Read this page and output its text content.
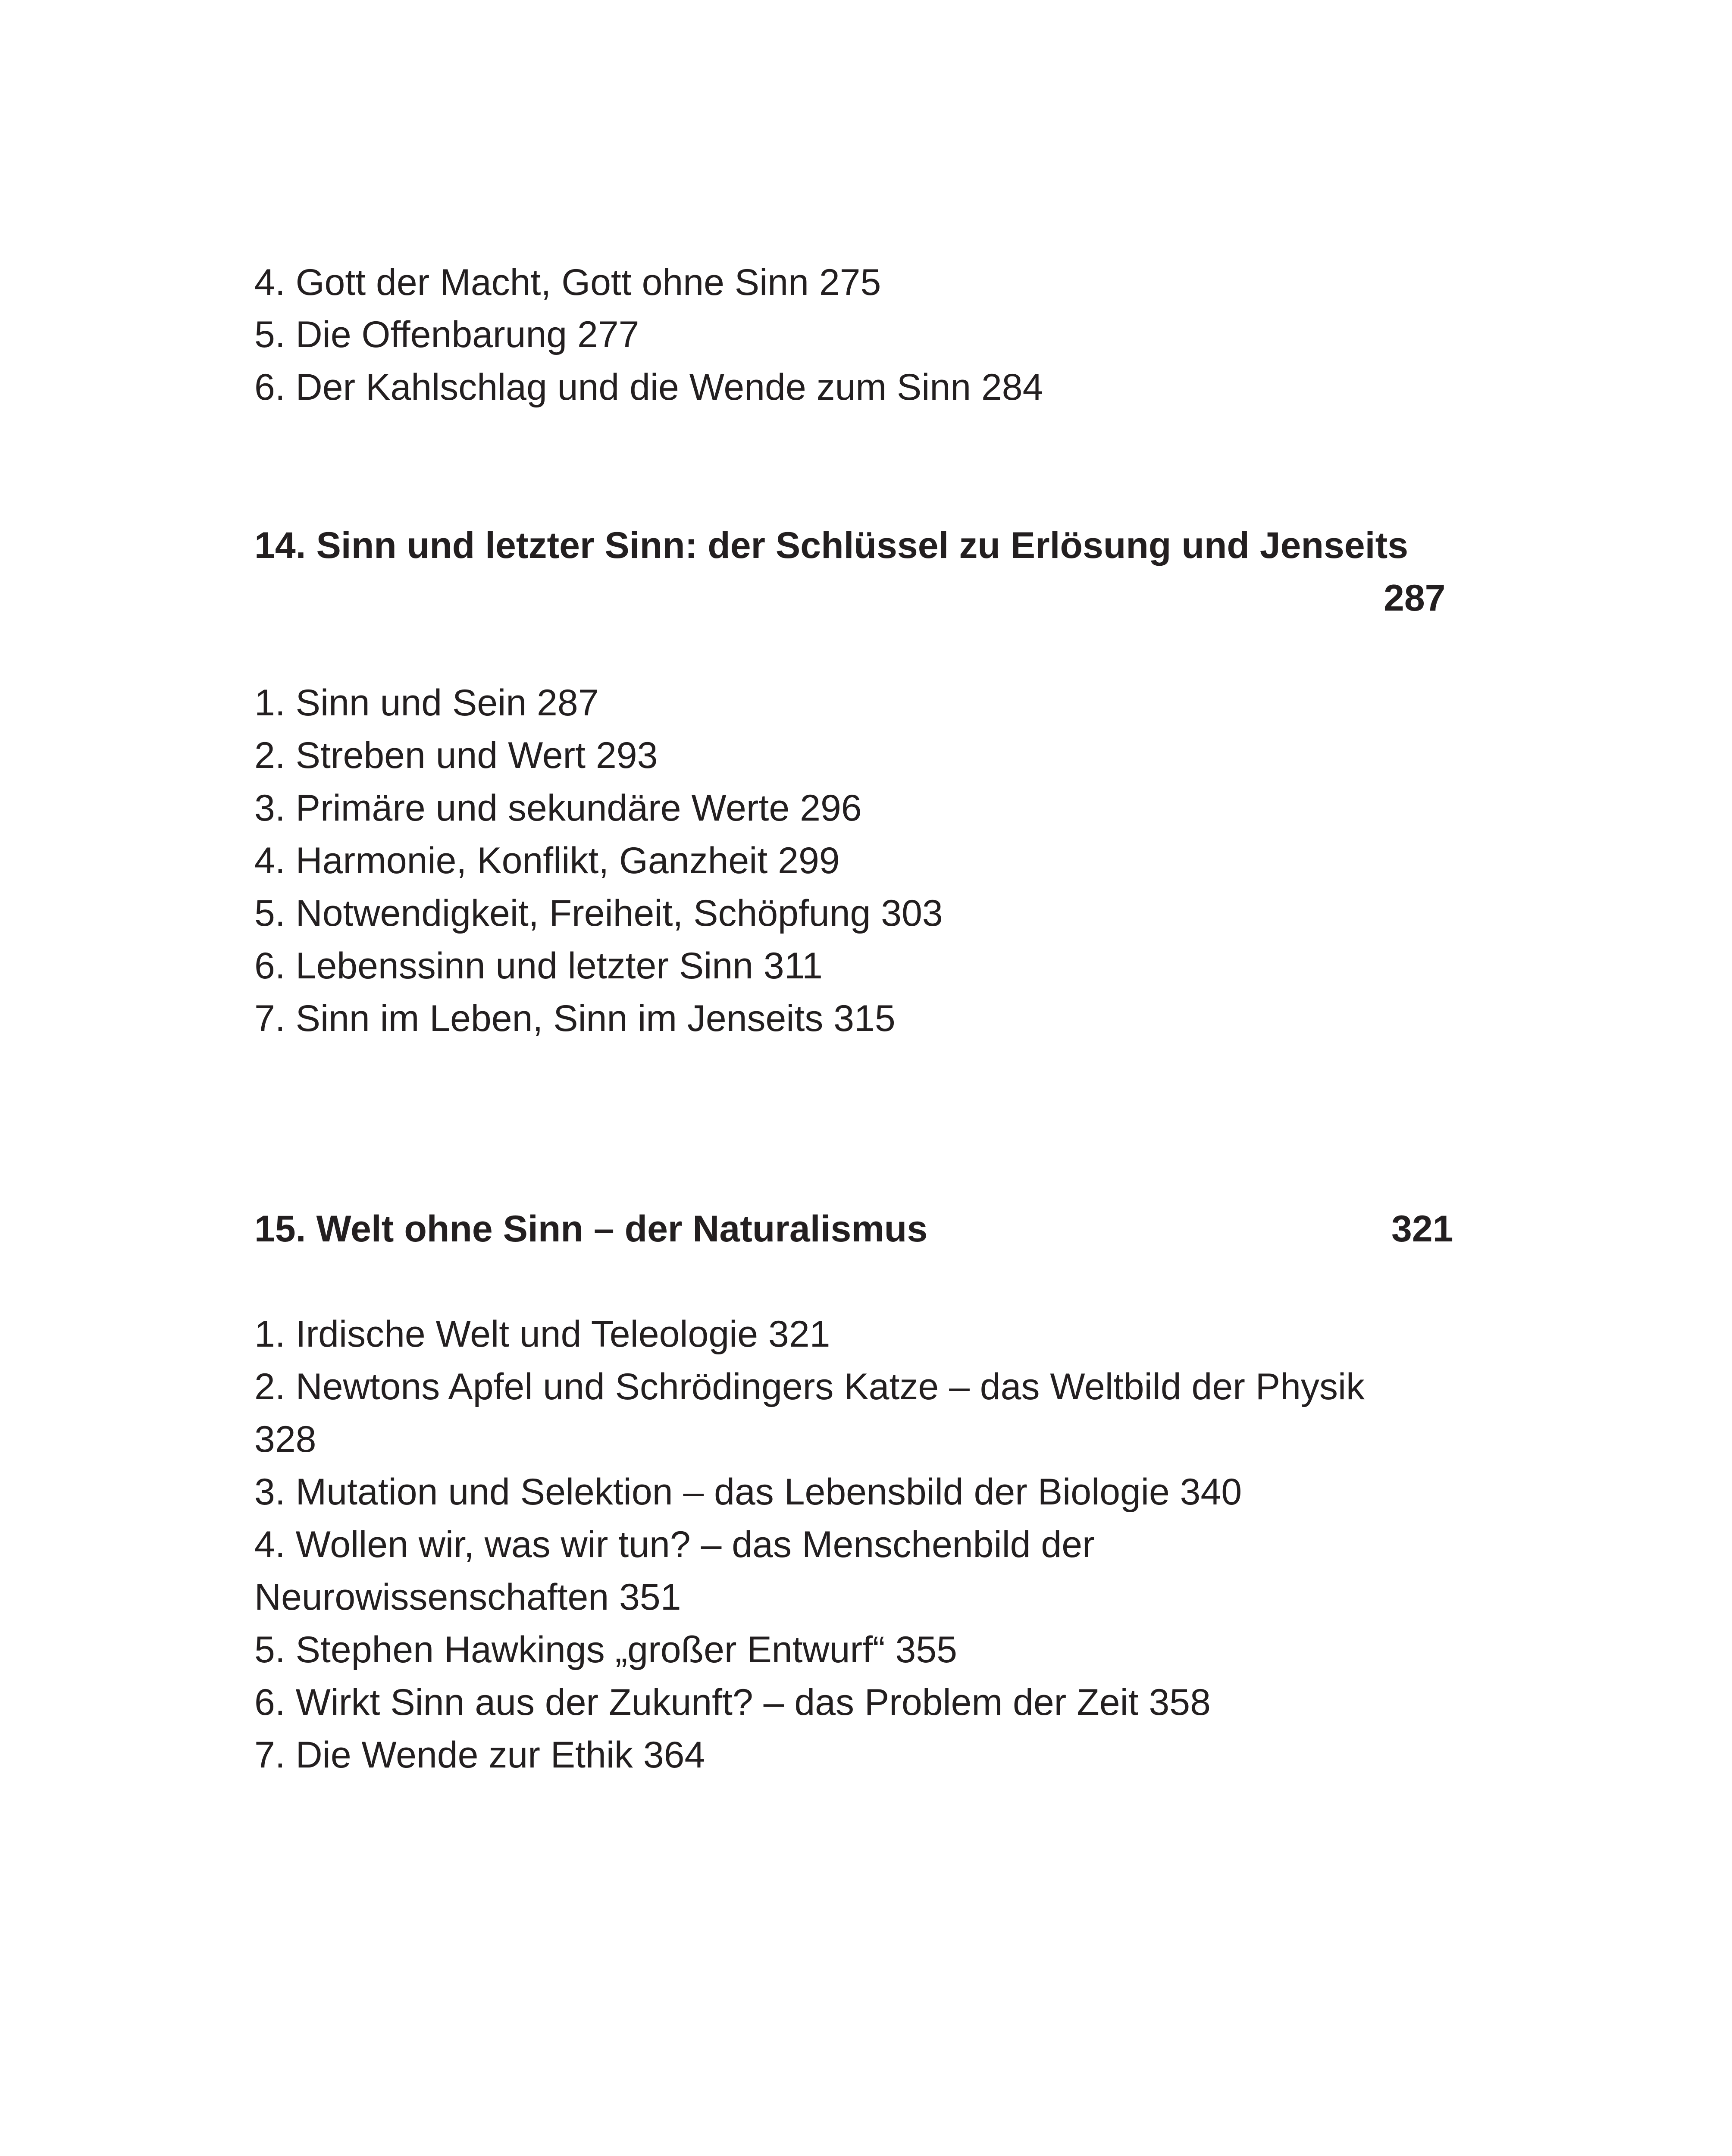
4. Gott der Macht, Gott ohne Sinn 275
5. Die Offenbarung 277
6. Der Kahlschlag und die Wende zum Sinn 284
14. Sinn und letzter Sinn: der Schlüssel zu Erlösung und Jenseits
287
1. Sinn und Sein 287
2. Streben und Wert 293
3. Primäre und sekundäre Werte 296
4. Harmonie, Konflikt, Ganzheit 299
5. Notwendigkeit, Freiheit, Schöpfung 303
6. Lebenssinn und letzter Sinn 311
7. Sinn im Leben, Sinn im Jenseits 315
15. Welt ohne Sinn – der Naturalismus	321
1. Irdische Welt und Teleologie 321
2. Newtons Apfel und Schrödingers Katze – das Weltbild der Physik
328
3. Mutation und Selektion – das Lebensbild der Biologie 340
4. Wollen wir, was wir tun? – das Menschenbild der
Neurowissenschaften 351
5. Stephen Hawkings „großer Entwurf“ 355
6. Wirkt Sinn aus der Zukunft? – das Problem der Zeit 358
7. Die Wende zur Ethik 364
